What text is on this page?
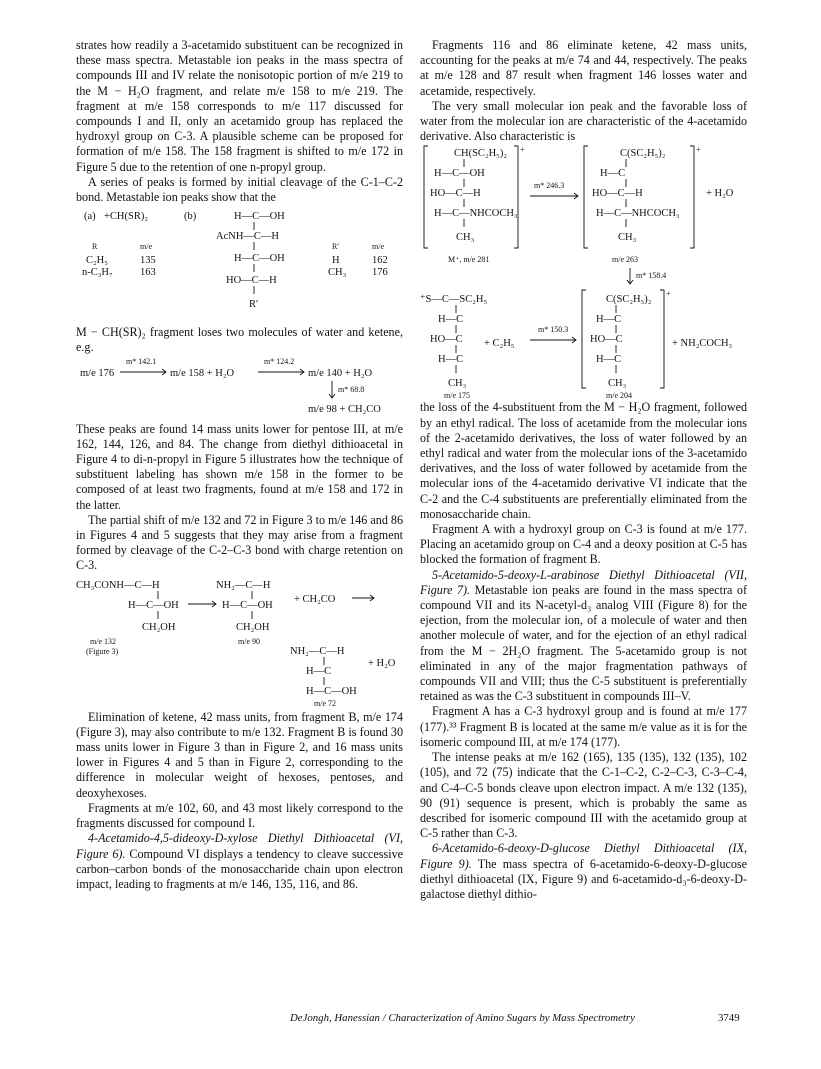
strates how readily a 3-acetamido substituent can be recognized in these mass spectra. Metastable ion peaks in the mass spectra of compounds III and IV relate the nonisotopic portion of m/e 219 to the M − H₂O fragment, and relate m/e 158 to m/e 219. The fragment at m/e 158 corresponds to m/e 117 discussed for compounds I and II, only an acetamido group has replaced the hydroxyl group on C-3. A plausible scheme can be proposed for formation of m/e 158. The 158 fragment is shifted to m/e 172 in Figure 5 due to the retention of one n-propyl group.

A series of peaks is formed by initial cleavage of the C-1–C-2 bond. Metastable ion peaks show that the

(a) +CH(SR)₂	(b)
R	m/e
C₂H₅	135
n-C₃H₇	163
H—C—OH
AcNH—C—H
H—C—OH
HO—C—H
R′
R′	m/e
H	162
CH₃ 176

M − CH(SR)₂ fragment loses two molecules of water and ketene, e.g.

m/e 176
m* 142.1
m/e 158 + H₂O
m* 124.2
m/e 140 + H₂O
m* 68.8
m/e 98 + CH₂CO

These peaks are found 14 mass units lower for pentose III, at m/e 162, 144, 126, and 84. The change from diethyl dithioacetal in Figure 4 to di-n-propyl in Figure 5 illustrates how the technique of substituent labeling has shown m/e 158 in the former to be composed of at least two fragments, found at m/e 158 and 172 in the latter.

The partial shift of m/e 132 and 72 in Figure 3 to m/e 146 and 86 in Figures 4 and 5 suggests that they may arise from a fragment formed by cleavage of the C-2–C-3 bond with charge retention on C-3.

CH₃CONH—C—H
H—C—OH
CH₂OH
m/e 132
(Figure 3)
NH₂—C—H
H—C—OH
CH₂OH
m/e 90
+ CH₂CO
NH₂—C—H
H—C
H—C—OH
m/e 72
+ H₂O

Elimination of ketene, 42 mass units, from fragment B, m/e 174 (Figure 3), may also contribute to m/e 132. Fragment B is found 30 mass units lower in Figure 3 than in Figure 2, and 16 mass units lower in Figures 4 and 5 than in Figure 2, corresponding to the difference in molecular weight of hexoses, pentoses, and deoxyhexoses.

Fragments at m/e 102, 60, and 43 most likely correspond to the fragments discussed for compound I.

4-Acetamido-4,5-dideoxy-D-xylose Diethyl Dithioacetal (VI, Figure 6). Compound VI displays a tendency to cleave successive carbon–carbon bonds of the monosaccharide chain upon electron impact, leading to fragments at m/e 146, 135, 116, and 86.

Fragments 116 and 86 eliminate ketene, 42 mass units, accounting for the peaks at m/e 74 and 44, respectively. The peaks at m/e 128 and 87 result when fragment 146 losses water and acetamide, respectively.

The very small molecular ion peak and the favorable loss of water from the molecular ion are characteristic of the 4-acetamido derivative. Also characteristic is

+
CH(SC₂H₅)₂
H—C—OH
HO—C—H
H—C—NHCOCH₃
CH₃
M⁺, m/e 281
m* 246.3
+
C(SC₂H₅)₂
H—C
HO—C—H
H—C—NHCOCH₃
CH₃
m/e 263
+ H₂O
m* 158.4
⁺S—C—SC₂H₅
H—C
HO—C
H—C
CH₃
m/e 175
+ C₂H₅
m* 150.3
+
C(SC₂H₅)₂
H—C
HO—C
H—C
CH₃
m/e 204
+ NH₂COCH₃

the loss of the 4-substituent from the M − H₂O fragment, followed by an ethyl radical. The loss of acetamide from the molecular ions of the 2-acetamido derivatives, the loss of water followed by an ethyl radical and water from the molecular ions of the 3-acetamido derivatives, and the loss of water followed by acetamide from the molecular ions of the 4-acetamido derivative VI indicate that the C-2 and the C-4 substituents are preferentially eliminated from the monosaccharide chain.

Fragment A with a hydroxyl group on C-3 is found at m/e 177. Placing an acetamido group on C-4 and a deoxy position at C-5 has blocked the formation of fragment B.

5-Acetamido-5-deoxy-L-arabinose Diethyl Dithioacetal (VII, Figure 7). Metastable ion peaks are found in the mass spectra of compound VII and its N-acetyl-d₃ analog VIII (Figure 8) for the ejection, from the molecular ion, of a molecule of water and then another molecule of water, and for the ejection of an ethyl radical from the M − 2H₂O fragment. The 5-acetamido group is not eliminated in any of the major fragmentation pathways of compounds VII and VIII; thus the C-5 substituent is preferentially retained as was the C-3 substituent in compounds III–V.

Fragment A has a C-3 hydroxyl group and is found at m/e 177 (177).³³ Fragment B is located at the same m/e value as it is for the isomeric compound III, at m/e 174 (177).

The intense peaks at m/e 162 (165), 135 (135), 132 (135), 102 (105), and 72 (75) indicate that the C-1–C-2, C-2–C-3, C-3–C-4, and C-4–C-5 bonds cleave upon electron impact. A m/e 132 (135), 90 (91) sequence is present, which is probably the same as described for isomeric compound III with the acetamido group at C-5 rather than C-3.

6-Acetamido-6-deoxy-D-glucose Diethyl Dithioacetal (IX, Figure 9). The mass spectra of 6-acetamido-6-deoxy-D-glucose diethyl dithioacetal (IX, Figure 9) and 6-acetamido-d₃-6-deoxy-D-galactose diethyl dithio-

DeJongh, Hanessian / Characterization of Amino Sugars by Mass Spectrometry	3749
